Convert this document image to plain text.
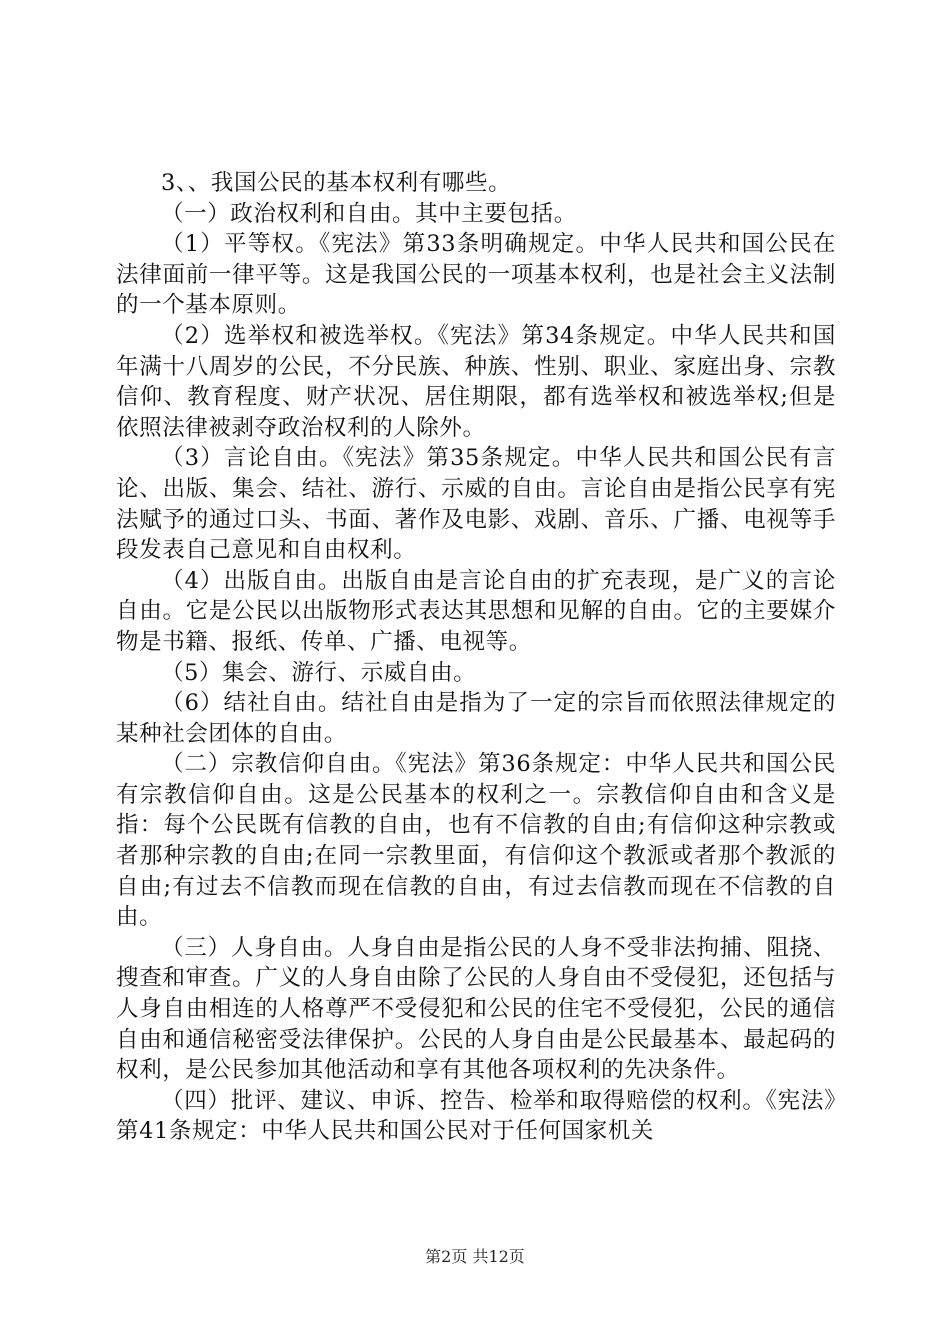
3、、我国公民的基本权利有哪些。

（一）政治权利和自由。其中主要包括。

（1）平等权。《宪法》第33条明确规定。中华人民共和国公民在法律面前一律平等。这是我国公民的一项基本权利，也是社会主义法制的一个基本原则。

（2）选举权和被选举权。《宪法》第34条规定。中华人民共和国年满十八周岁的公民，不分民族、种族、性别、职业、家庭出身、宗教信仰、教育程度、财产状况、居住期限，都有选举权和被选举权;但是依照法律被剥夺政治权利的人除外。

（3）言论自由。《宪法》第35条规定。中华人民共和国公民有言论、出版、集会、结社、游行、示威的自由。言论自由是指公民享有宪法赋予的通过口头、书面、著作及电影、戏剧、音乐、广播、电视等手段发表自己意见和自由权利。

（4）出版自由。出版自由是言论自由的扩充表现，是广义的言论自由。它是公民以出版物形式表达其思想和见解的自由。它的主要媒介物是书籍、报纸、传单、广播、电视等。

（5）集会、游行、示威自由。

（6）结社自由。结社自由是指为了一定的宗旨而依照法律规定的某种社会团体的自由。

（二）宗教信仰自由。《宪法》第36条规定：中华人民共和国公民有宗教信仰自由。这是公民基本的权利之一。宗教信仰自由和含义是指：每个公民既有信教的自由，也有不信教的自由;有信仰这种宗教或者那种宗教的自由;在同一宗教里面，有信仰这个教派或者那个教派的自由;有过去不信教而现在信教的自由，有过去信教而现在不信教的自由。

（三）人身自由。人身自由是指公民的人身不受非法拘捕、阻挠、搜查和审查。广义的人身自由除了公民的人身自由不受侵犯，还包括与人身自由相连的人格尊严不受侵犯和公民的住宅不受侵犯，公民的通信自由和通信秘密受法律保护。公民的人身自由是公民最基本、最起码的权利，是公民参加其他活动和享有其他各项权利的先决条件。

（四）批评、建议、申诉、控告、检举和取得赔偿的权利。《宪法》第41条规定：中华人民共和国公民对于任何国家机关

第2页 共12页
